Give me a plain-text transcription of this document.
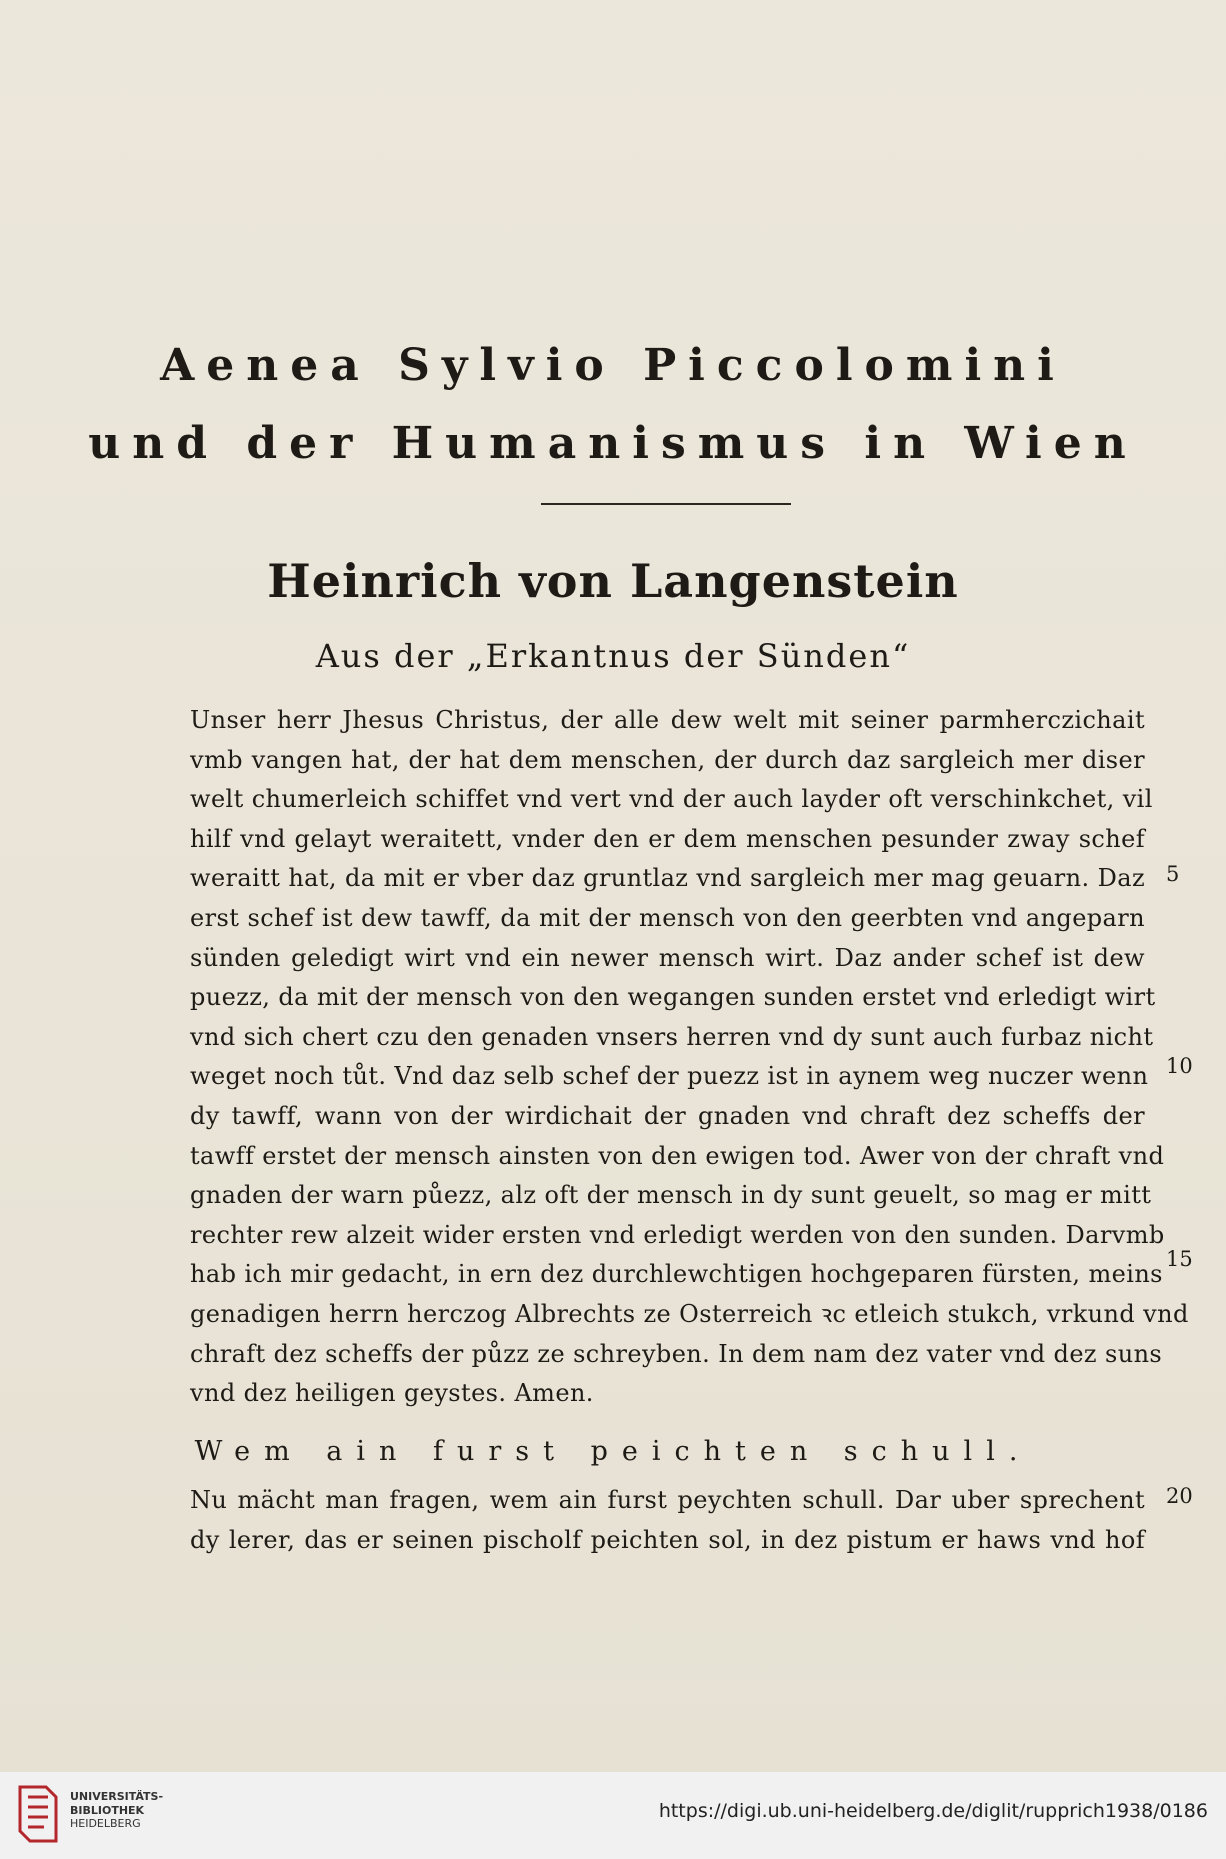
Aenea Sylvio Piccolomini
und der Humanismus in Wien
Heinrich von Langenstein
Aus der „Erkantnus der Sünden“
Unser herr Jhesus Christus, der alle dew welt mit seiner parmherczichait
vmb vangen hat, der hat dem menschen, der durch daz sargleich mer diser
welt chumerleich schiffet vnd vert vnd der auch layder oft verschinkchet, vil
hilf vnd gelayt weraitett, vnder den er dem menschen pesunder zway schef
weraitt hat, da mit er vber daz gruntlaz vnd sargleich mer mag geuarn. Daz
erst schef ist dew tawff, da mit der mensch von den geerbten vnd angeparn
sünden geledigt wirt vnd ein newer mensch wirt. Daz ander schef ist dew
puezz, da mit der mensch von den wegangen sunden erstet vnd erledigt wirt
vnd sich chert czu den genaden vnsers herren vnd dy sunt auch furbaz nicht
weget noch tůt. Vnd daz selb schef der puezz ist in aynem weg nuczer wenn
dy tawff, wann von der wirdichait der gnaden vnd chraft dez scheffs der
tawff erstet der mensch ainsten von den ewigen tod. Awer von der chraft vnd
gnaden der warn půezz, alz oft der mensch in dy sunt geuelt, so mag er mitt
rechter rew alzeit wider ersten vnd erledigt werden von den sunden. Darvmb
hab ich mir gedacht, in ern dez durchlewchtigen hochgeparen fürsten, meins
genadigen herrn herczog Albrechts ze Osterreich ꝛc etleich stukch, vrkund vnd
chraft dez scheffs der půzz ze schreyben. In dem nam dez vater vnd dez suns
vnd dez heiligen geystes. Amen.
Wem ain furst peichten schull.
Nu mächt man fragen, wem ain furst peychten schull. Dar uber sprechent
dy lerer, das er seinen pischolf peichten sol, in dez pistum er haws vnd hof
5
10
15
20
UNIVERSITÄTS-
BIBLIOTHEK
HEIDELBERG
https://digi.ub.uni-heidelberg.de/diglit/rupprich1938/0186
